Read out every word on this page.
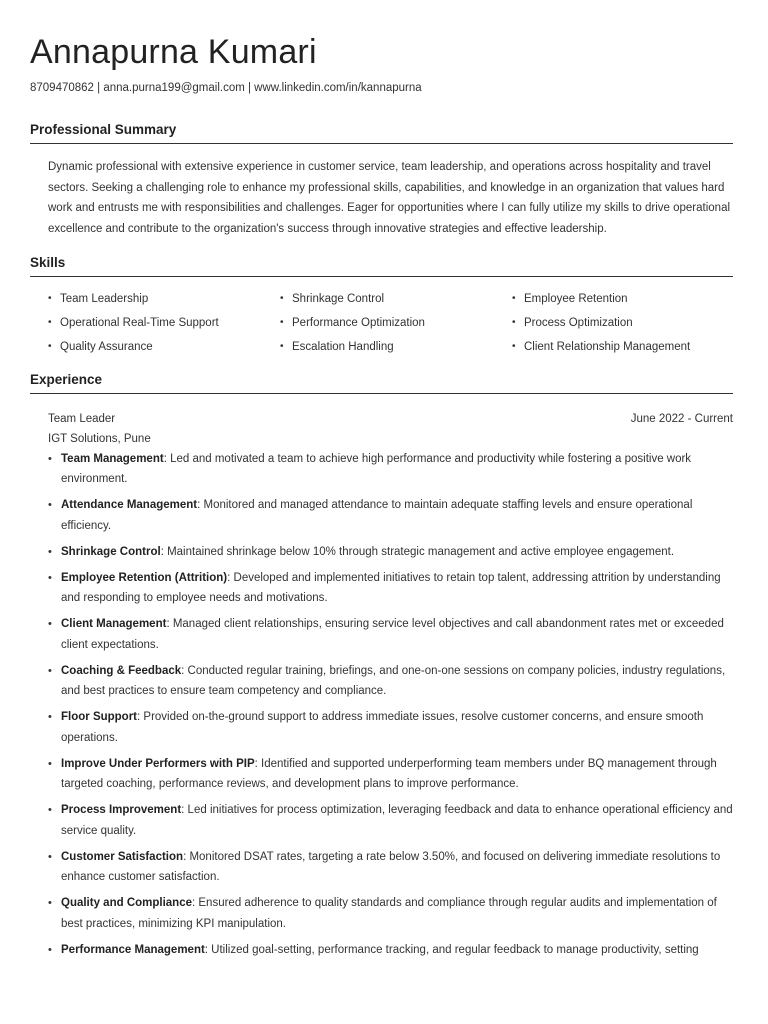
Annapurna Kumari
8709470862 | anna.purna199@gmail.com | www.linkedin.com/in/kannapurna
Professional Summary
Dynamic professional with extensive experience in customer service, team leadership, and operations across hospitality and travel sectors. Seeking a challenging role to enhance my professional skills, capabilities, and knowledge in an organization that values hard work and entrusts me with responsibilities and challenges. Eager for opportunities where I can fully utilize my skills to drive operational excellence and contribute to the organization's success through innovative strategies and effective leadership.
Skills
• Team Leadership	• Shrinkage Control	• Employee Retention
• Operational Real-Time Support	• Performance Optimization	• Process Optimization
• Quality Assurance	• Escalation Handling	• Client Relationship Management
Experience
Team Leader	June 2022 - Current
IGT Solutions, Pune
• Team Management: Led and motivated a team to achieve high performance and productivity while fostering a positive work environment.
• Attendance Management: Monitored and managed attendance to maintain adequate staffing levels and ensure operational efficiency.
• Shrinkage Control: Maintained shrinkage below 10% through strategic management and active employee engagement.
• Employee Retention (Attrition): Developed and implemented initiatives to retain top talent, addressing attrition by understanding and responding to employee needs and motivations.
• Client Management: Managed client relationships, ensuring service level objectives and call abandonment rates met or exceeded client expectations.
• Coaching & Feedback: Conducted regular training, briefings, and one-on-one sessions on company policies, industry regulations, and best practices to ensure team competency and compliance.
• Floor Support: Provided on-the-ground support to address immediate issues, resolve customer concerns, and ensure smooth operations.
• Improve Under Performers with PIP: Identified and supported underperforming team members under BQ management through targeted coaching, performance reviews, and development plans to improve performance.
• Process Improvement: Led initiatives for process optimization, leveraging feedback and data to enhance operational efficiency and service quality.
• Customer Satisfaction: Monitored DSAT rates, targeting a rate below 3.50%, and focused on delivering immediate resolutions to enhance customer satisfaction.
• Quality and Compliance: Ensured adherence to quality standards and compliance through regular audits and implementation of best practices, minimizing KPI manipulation.
• Performance Management: Utilized goal-setting, performance tracking, and regular feedback to manage productivity, setting
